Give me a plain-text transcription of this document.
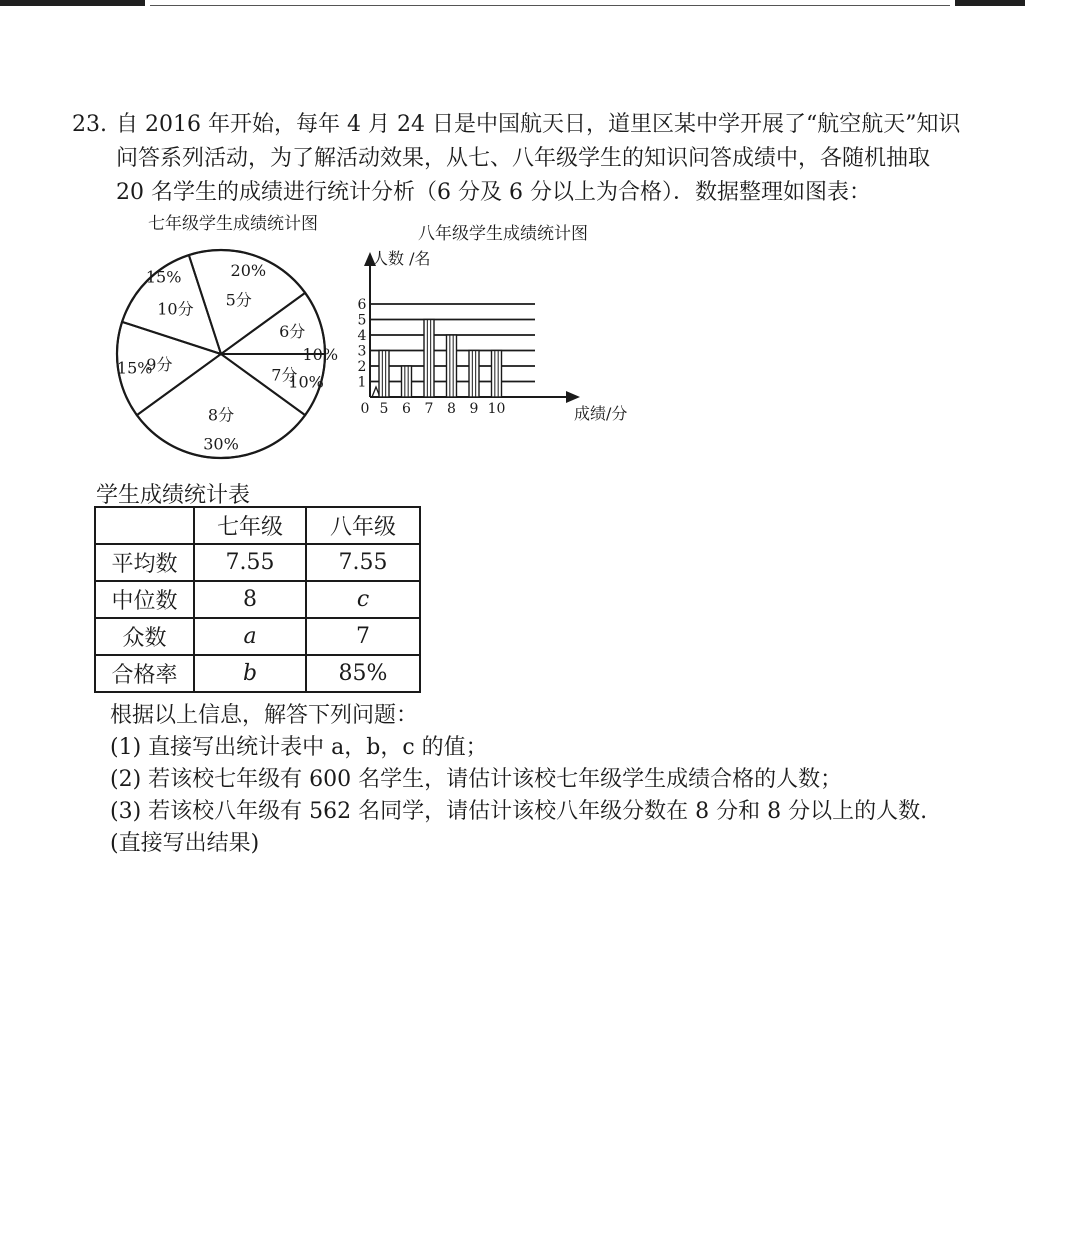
23. 自 2016 年开始，每年 4 月 24 日是中国航天日，道里区某中学开展了“航空航天”知识
问答系列活动，为了解活动效果，从七、八年级学生的知识问答成绩中，各随机抽取
20 名学生的成绩进行统计分析（6 分及 6 分以上为合格）．数据整理如图表：
七年级学生成绩统计图
5分
20%
6分
10%
7分
10%
8分
30%
9分
15%
10分
15%
八年级学生成绩统计图
人数 /名
成绩/分
1
2
3
4
5
6
0 5 6 7 8 9 10
学生成绩统计表
	七年级	八年级
平均数	7.55	7.55
中位数	8	c
众数	a	7
合格率	b	85%
根据以上信息，解答下列问题：
(1) 直接写出统计表中 a，b，c 的值；
(2) 若该校七年级有 600 名学生，请估计该校七年级学生成绩合格的人数；
(3) 若该校八年级有 562 名同学，请估计该校八年级分数在 8 分和 8 分以上的人数.
(直接写出结果)
